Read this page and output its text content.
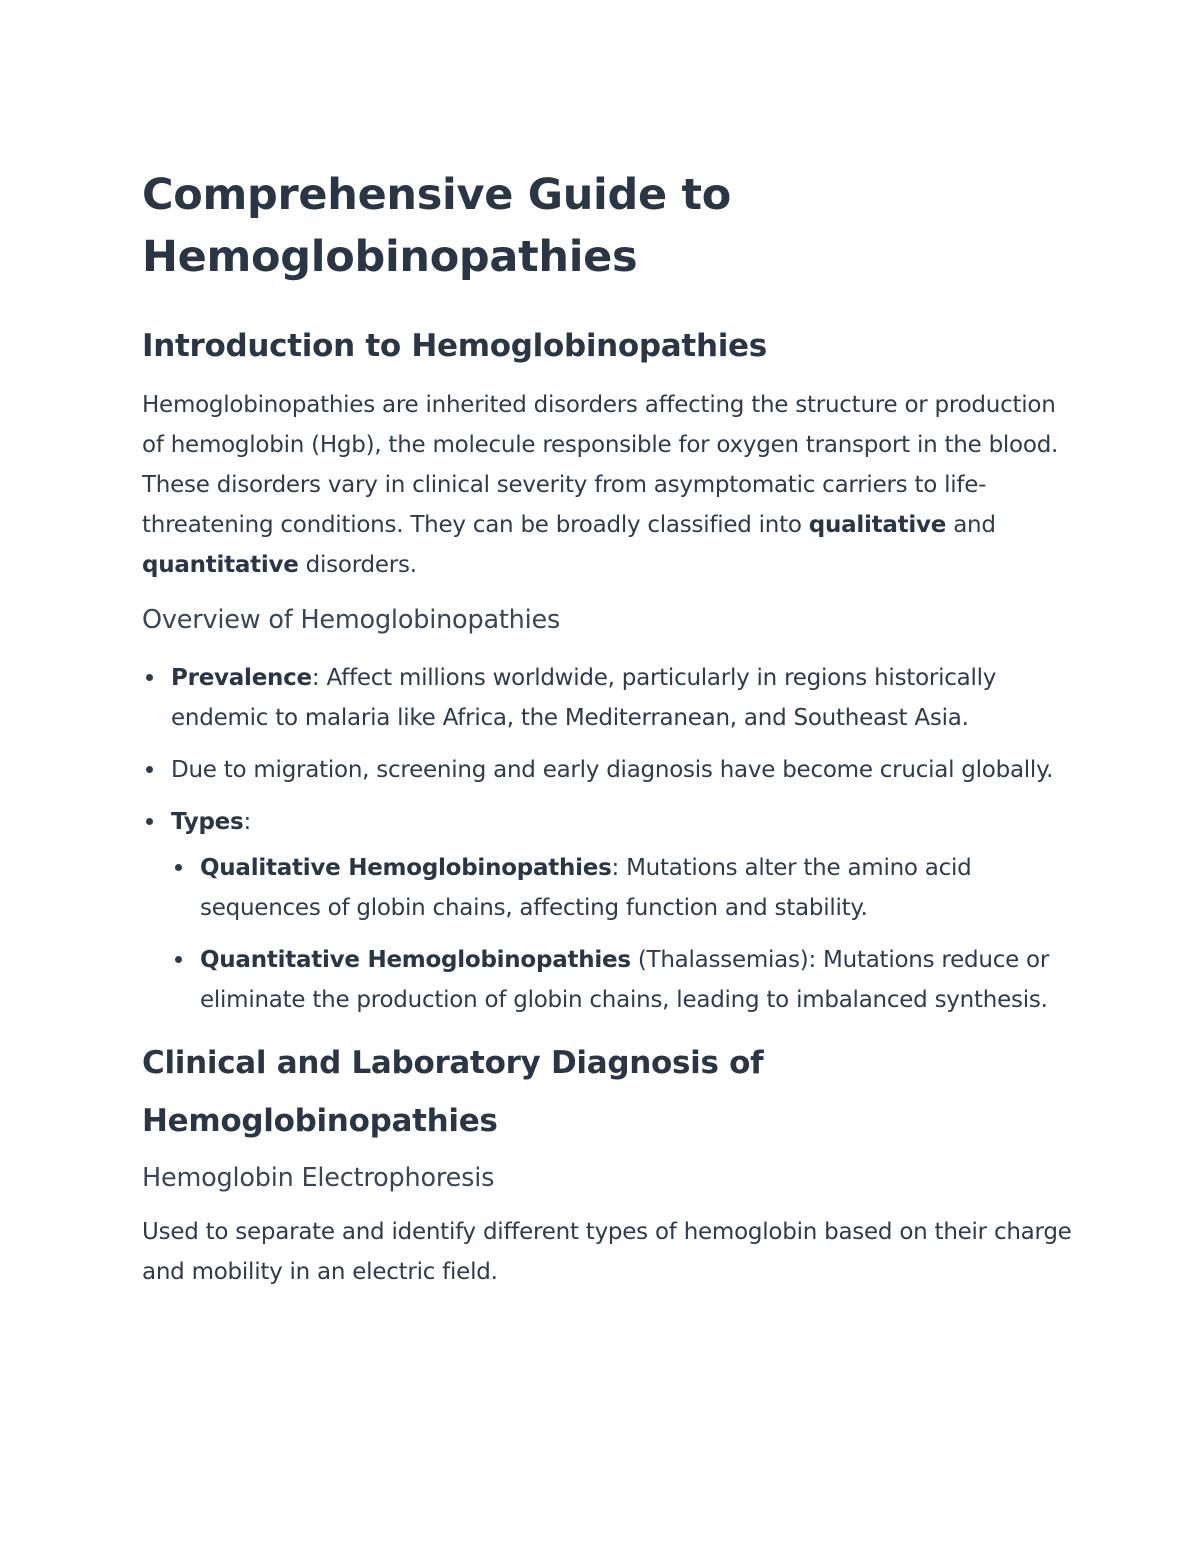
Comprehensive Guide to Hemoglobinopathies
Introduction to Hemoglobinopathies

Hemoglobinopathies are inherited disorders affecting the structure or production of hemoglobin (Hgb), the molecule responsible for oxygen transport in the blood. These disorders vary in clinical severity from asymptomatic carriers to life-threatening conditions. They can be broadly classified into qualitative and quantitative disorders.

Overview of Hemoglobinopathies
Prevalence: Affect millions worldwide, particularly in regions historically endemic to malaria like Africa, the Mediterranean, and Southeast Asia.
Due to migration, screening and early diagnosis have become crucial globally.
Types:
Qualitative Hemoglobinopathies: Mutations alter the amino acid sequences of globin chains, affecting function and stability.
Quantitative Hemoglobinopathies (Thalassemias): Mutations reduce or eliminate the production of globin chains, leading to imbalanced synthesis.
Clinical and Laboratory Diagnosis of Hemoglobinopathies
Hemoglobin Electrophoresis

Used to separate and identify different types of hemoglobin based on their charge and mobility in an electric field.
